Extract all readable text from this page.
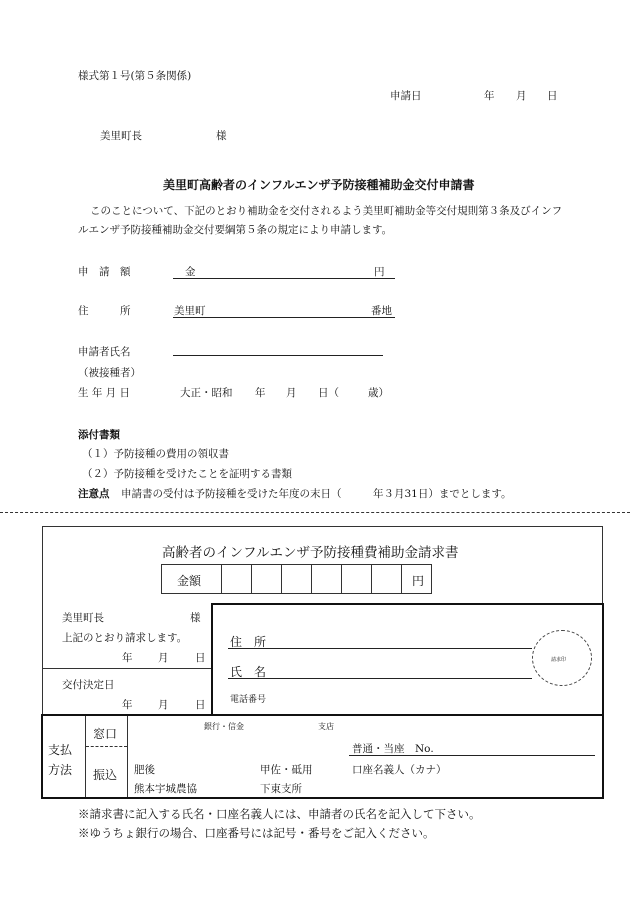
様式第１号(第５条関係)
申請日	年 月 日
美里町長	様
美里町高齢者のインフルエンザ予防接種補助金交付申請書
このことについて、下記のとおり補助金を交付されるよう美里町補助金等交付規則第３条及びインフ
ルエンザ予防接種補助金交付要綱第５条の規定により申請します。
申　請　額	金	円
住　　　所	美里町	番地
申請者氏名
（被接種者）
生 年 月 日	大正・昭和 年 月 日（	歳）
添付書類
（１）予防接種の費用の領収書
（２）予防接種を受けたことを証明する書類
注意点 申請書の受付は予防接種を受けた年度の末日（　　　年３月31日）までとします。
高齢者のインフルエンザ予防接種費補助金請求書
金額	円
美里町長	様
上記のとおり請求します。
年 月	日
交付決定日
年 月	日
住　所
氏　名
電話番号
請求印
支払
方法
窓口
振込
銀行・信金	支店
普通・当座　No.
肥後	甲佐・砥用	口座名義人（カナ）
熊本宇城農協	下東支所
※請求書に記入する氏名・口座名義人には、申請者の氏名を記入して下さい。
※ゆうちょ銀行の場合、口座番号には記号・番号をご記入ください。
